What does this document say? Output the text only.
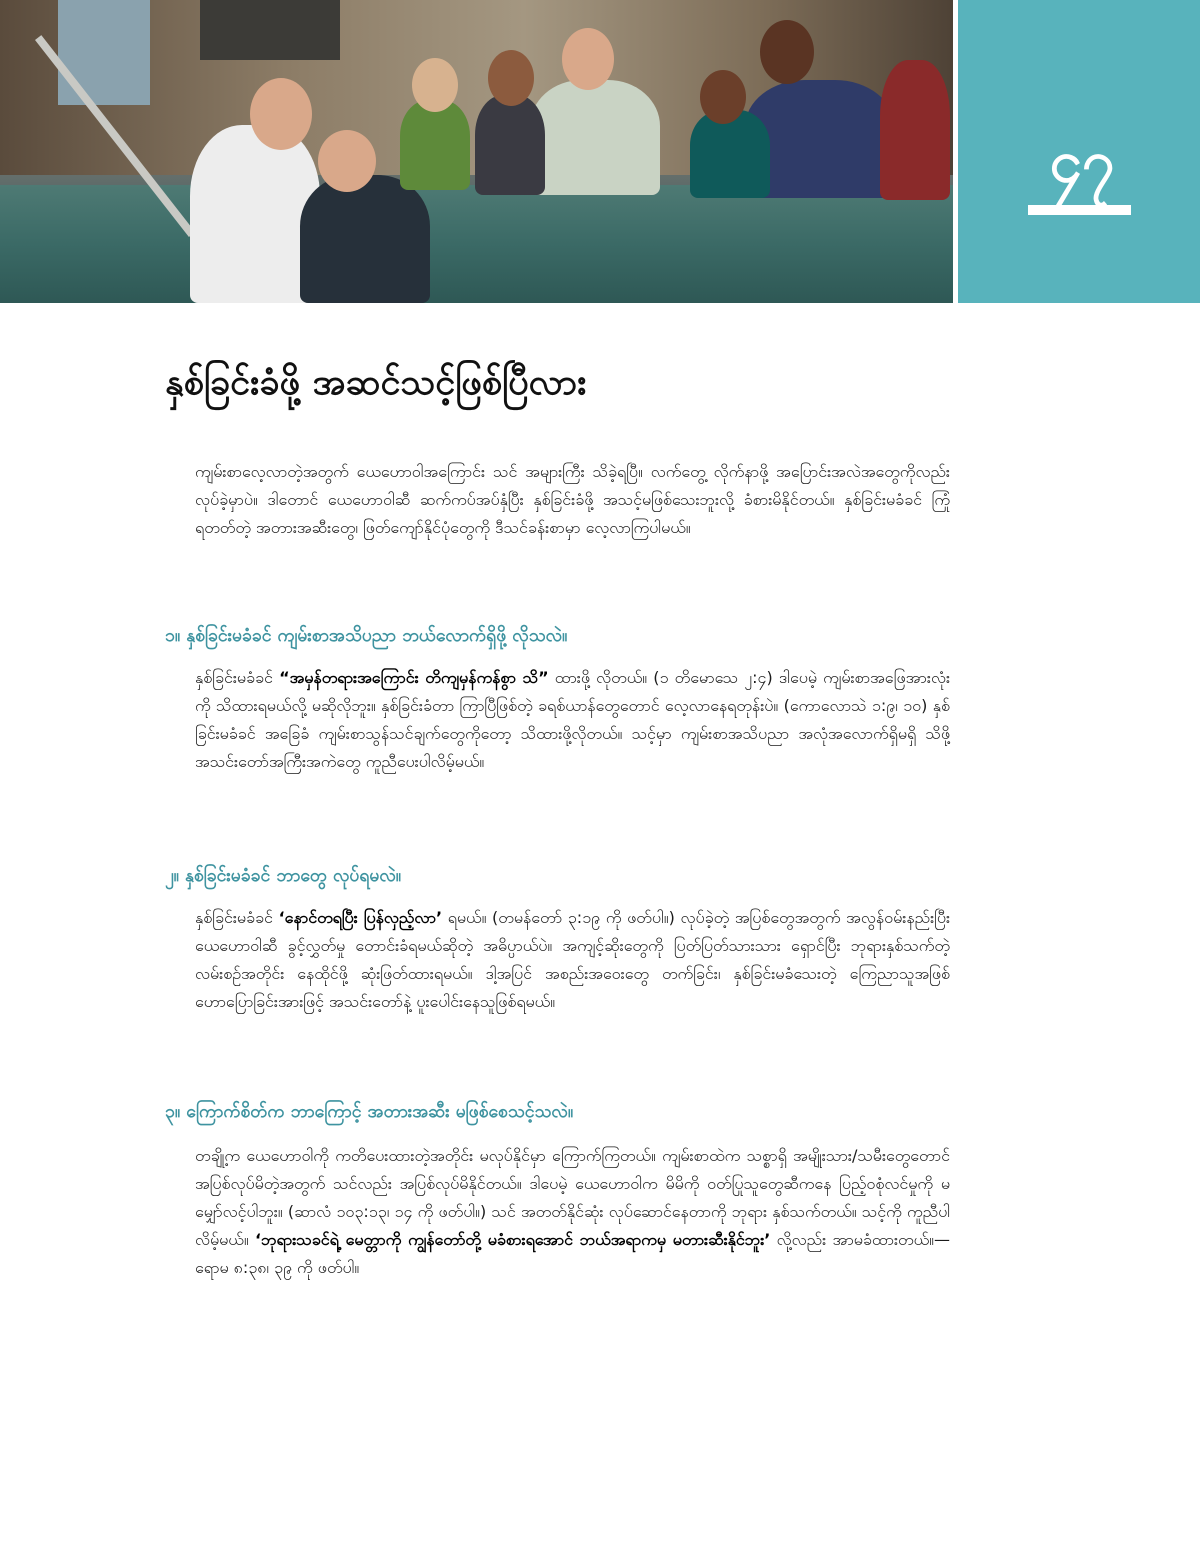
၄၇
နှစ်ခြင်းခံဖို့ အဆင်သင့်ဖြစ်ပြီလား

ကျမ်းစာလေ့လာတဲ့အတွက် ယေဟောဝါအကြောင်း သင် အများကြီး သိခဲ့ရပြီ။ လက်တွေ့ လိုက်နာဖို့ အပြောင်းအလဲအတွေကိုလည်း လုပ်ခဲ့မှာပဲ။ ဒါတောင် ယေဟောဝါဆီ ဆက်ကပ်အပ်နှံပြီး နှစ်ခြင်းခံဖို့ အသင့်မဖြစ်သေးဘူးလို့ ခံစားမိနိုင်တယ်။ နှစ်ခြင်းမခံခင် ကြုံရတတ်တဲ့ အတားအဆီးတွေ၊ ဖြတ်ကျော်နိုင်ပုံတွေကို ဒီသင်ခန်းစာမှာ လေ့လာကြပါမယ်။

၁။ နှစ်ခြင်းမခံခင် ကျမ်းစာအသိပညာ ဘယ်လောက်ရှိဖို့ လိုသလဲ။

နှစ်ခြင်းမခံခင် “အမှန်တရားအကြောင်း တိကျမှန်ကန်စွာ သိ” ထားဖို့ လိုတယ်။ (၁ တိမောသေ ၂:၄) ဒါပေမဲ့ ကျမ်းစာအဖြေအားလုံးကို သိထားရမယ်လို့ မဆိုလိုဘူး။ နှစ်ခြင်းခံတာ ကြာပြီဖြစ်တဲ့ ခရစ်ယာန်တွေတောင် လေ့လာနေရတုန်းပဲ။ (ကောလောသဲ ၁:၉၊ ၁၀) နှစ်ခြင်းမခံခင် အခြေခံ ကျမ်းစာသွန်သင်ချက်တွေကိုတော့ သိထားဖို့လိုတယ်။ သင့်မှာ ကျမ်းစာအသိပညာ အလုံအလောက်ရှိမရှိ သိဖို့ အသင်းတော်အကြီးအကဲတွေ ကူညီပေးပါလိမ့်မယ်။

၂။ နှစ်ခြင်းမခံခင် ဘာတွေ လုပ်ရမလဲ။

နှစ်ခြင်းမခံခင် ‘နောင်တရပြီး ပြန်လှည့်လာ’ ရမယ်။ (တမန်တော် ၃:၁၉ ကို ဖတ်ပါ။) လုပ်ခဲ့တဲ့ အပြစ်တွေအတွက် အလွန်ဝမ်းနည်းပြီး ယေဟောဝါဆီ ခွင့်လွှတ်မှု တောင်းခံရမယ်ဆိုတဲ့ အဓိပ္ပာယ်ပဲ။ အကျင့်ဆိုးတွေကို ပြတ်ပြတ်သားသား ရှောင်ပြီး ဘုရားနှစ်သက်တဲ့ လမ်းစဉ်အတိုင်း နေထိုင်ဖို့ ဆုံးဖြတ်ထားရမယ်။ ဒါ့အပြင် အစည်းအဝေးတွေ တက်ခြင်း၊ နှစ်ခြင်းမခံသေးတဲ့ ကြေညာသူအဖြစ် ဟောပြောခြင်းအားဖြင့် အသင်းတော်နဲ့ ပူးပေါင်းနေသူဖြစ်ရမယ်။

၃။ ကြောက်စိတ်က ဘာကြောင့် အတားအဆီး မဖြစ်စေသင့်သလဲ။

တချို့က ယေဟောဝါကို ကတိပေးထားတဲ့အတိုင်း မလုပ်နိုင်မှာ ကြောက်ကြတယ်။ ကျမ်းစာထဲက သစ္စာရှိ အမျိုးသား/သမီးတွေတောင် အပြစ်လုပ်မိတဲ့အတွက် သင်လည်း အပြစ်လုပ်မိနိုင်တယ်။ ဒါပေမဲ့ ယေဟောဝါက မိမိကို ဝတ်ပြုသူတွေဆီကနေ ပြည့်ဝစုံလင်မှုကို မမျှော်လင့်ပါဘူး။ (ဆာလံ ၁၀၃:၁၃၊ ၁၄ ကို ဖတ်ပါ။) သင် အတတ်နိုင်ဆုံး လုပ်ဆောင်နေတာကို ဘုရား နှစ်သက်တယ်။ သင့်ကို ကူညီပါလိမ့်မယ်။ ‘ဘုရားသခင်ရဲ့ မေတ္တာကို ကျွန်တော်တို့ မခံစားရအောင် ဘယ်အရာကမှ မတားဆီးနိုင်ဘူး’ လို့လည်း အာမခံထားတယ်။—ရောမ ၈:၃၈၊ ၃၉ ကို ဖတ်ပါ။
